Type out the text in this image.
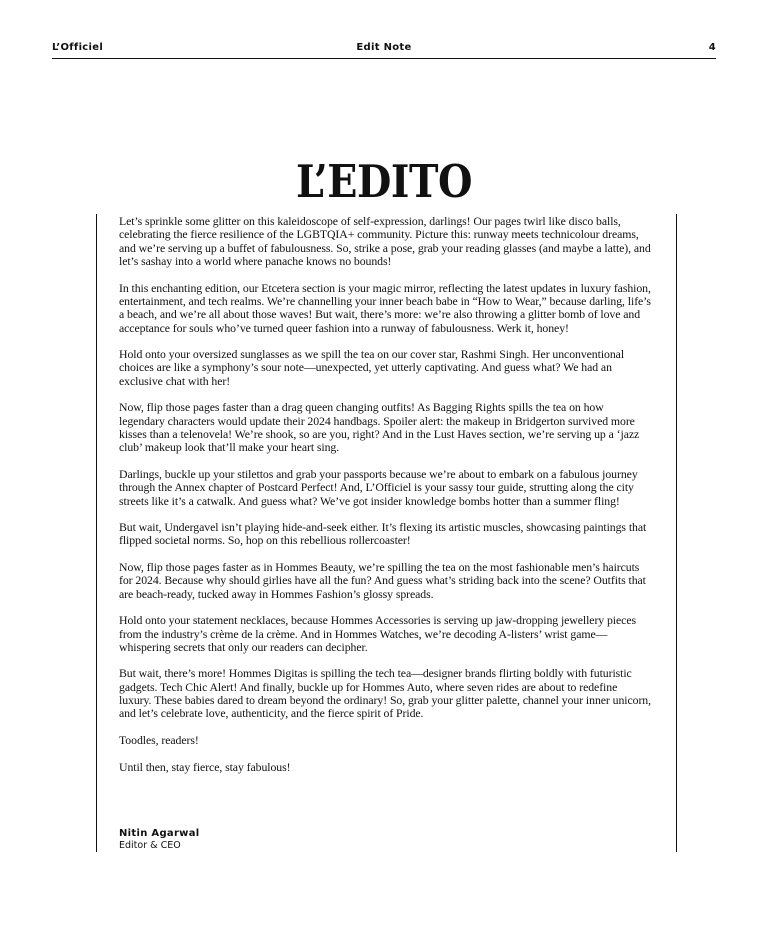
L’Officiel	Edit Note	4
L’EDITO

Let’s sprinkle some glitter on this kaleidoscope of self-expression, darlings! Our pages twirl like disco balls, celebrating the fierce resilience of the LGBTQIA+ community. Picture this: runway meets technicolour dreams, and we’re serving up a buffet of fabulousness. So, strike a pose, grab your reading glasses (and maybe a latte), and let’s sashay into a world where panache knows no bounds!

In this enchanting edition, our Etcetera section is your magic mirror, reflecting the latest updates in luxury fashion, entertainment, and tech realms. We’re channelling your inner beach babe in “How to Wear,” because darling, life’s a beach, and we’re all about those waves! But wait, there’s more: we’re also throwing a glitter bomb of love and acceptance for souls who’ve turned queer fashion into a runway of fabulousness. Werk it, honey!

Hold onto your oversized sunglasses as we spill the tea on our cover star, Rashmi Singh. Her unconventional choices are like a symphony’s sour note—unexpected, yet utterly captivating. And guess what? We had an exclusive chat with her!

Now, flip those pages faster than a drag queen changing outfits! As Bagging Rights spills the tea on how legendary characters would update their 2024 handbags. Spoiler alert: the makeup in Bridgerton survived more kisses than a telenovela! We’re shook, so are you, right? And in the Lust Haves section, we’re serving up a ‘jazz club’ makeup look that’ll make your heart sing.

Darlings, buckle up your stilettos and grab your passports because we’re about to embark on a fabulous journey through the Annex chapter of Postcard Perfect! And, L’Officiel is your sassy tour guide, strutting along the city streets like it’s a catwalk. And guess what? We’ve got insider knowledge bombs hotter than a summer fling!

But wait, Undergavel isn’t playing hide-and-seek either. It’s flexing its artistic muscles, showcasing paintings that flipped societal norms. So, hop on this rebellious rollercoaster!

Now, flip those pages faster as in Hommes Beauty, we’re spilling the tea on the most fashionable men’s haircuts for 2024. Because why should girlies have all the fun? And guess what’s striding back into the scene? Outfits that are beach-ready, tucked away in Hommes Fashion’s glossy spreads.

Hold onto your statement necklaces, because Hommes Accessories is serving up jaw-dropping jewellery pieces from the industry’s crème de la crème. And in Hommes Watches, we’re decoding A-listers’ wrist game—whispering secrets that only our readers can decipher.

But wait, there’s more! Hommes Digitas is spilling the tech tea—designer brands flirting boldly with futuristic gadgets. Tech Chic Alert! And finally, buckle up for Hommes Auto, where seven rides are about to redefine luxury. These babies dared to dream beyond the ordinary! So, grab your glitter palette, channel your inner unicorn, and let’s celebrate love, authenticity, and the fierce spirit of Pride.

Toodles, readers!

Until then, stay fierce, stay fabulous!

Nitin Agarwal
Editor & CEO
